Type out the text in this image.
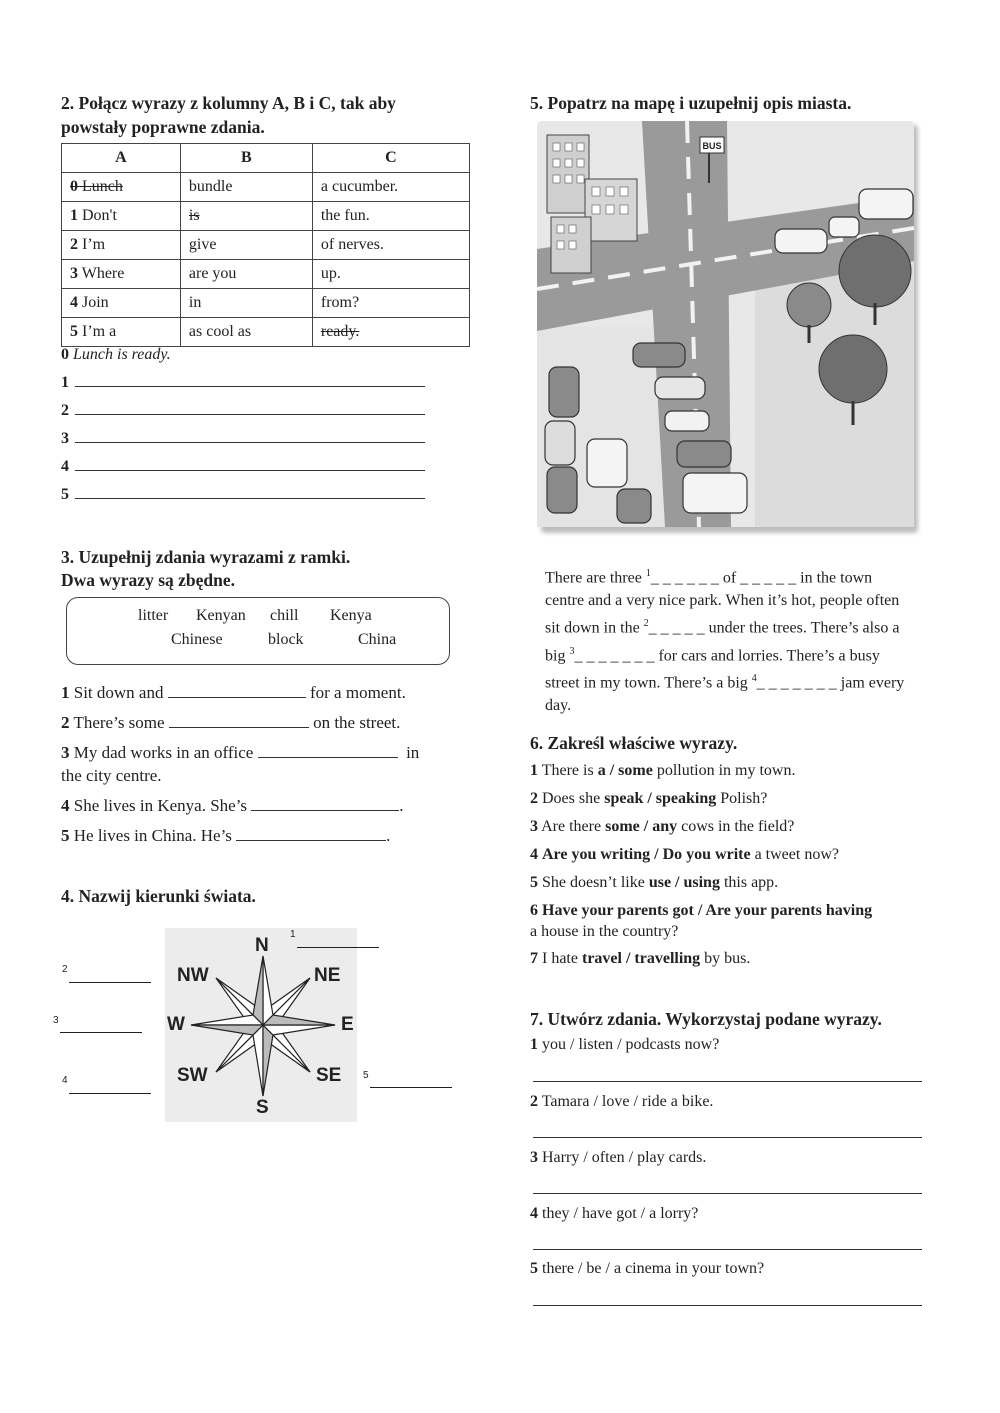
2. Połącz wyrazy z kolumny A, B i C, tak aby
powstały poprawne zdania.
A	B	C
0 Lunch	bundle	a cucumber.
1 Don't	is	the fun.
2 I’m	give	of nerves.
3 Where	are you	up.
4 Join	in	from?
5 I’m a	as cool as	ready.
0 Lunch is ready.
1
2
3
4
5
3. Uzupełnij zdania wyrazami z ramki.
Dwa wyrazy są zbędne.
litter Kenyan chill Kenya
Chinese	block	China
1 Sit down and	for a moment.
2 There’s some	on the street.
3 My dad works in an office	in
the city centre.
4 She lives in Kenya. She’s	.
5 He lives in China. He’s	.
4. Nazwij kierunki świata.
N
S
E
W
NE
NW
SE
SW
1
2
3
4	5
5. Popatrz na mapę i uzupełnij opis miasta.
BUS
There are three $^1$_ _ _ _ _ _ of _ _ _ _ _ in the town centre and a very nice park. When it’s hot, people often sit down in the $^2$_ _ _ _ _ under the trees. There’s also a big $^3$_ _ _ _ _ _ _ for cars and lorries. There’s a busy street in my town. There’s a big $^4$_ _ _ _ _ _ _ jam every day.
6. Zakreśl właściwe wyrazy.
1 There is a / some pollution in my town.
2 Does she speak / speaking Polish?
3 Are there some / any cows in the field?
4 Are you writing / Do you write a tweet now?
5 She doesn’t like use / using this app.
6 Have your parents got / Are your parents having
a house in the country?
7 I hate travel / travelling by bus.
7. Utwórz zdania. Wykorzystaj podane wyrazy.
1 you / listen / podcasts now?
2 Tamara / love / ride a bike.
3 Harry / often / play cards.
4 they / have got / a lorry?
5 there / be / a cinema in your town?
